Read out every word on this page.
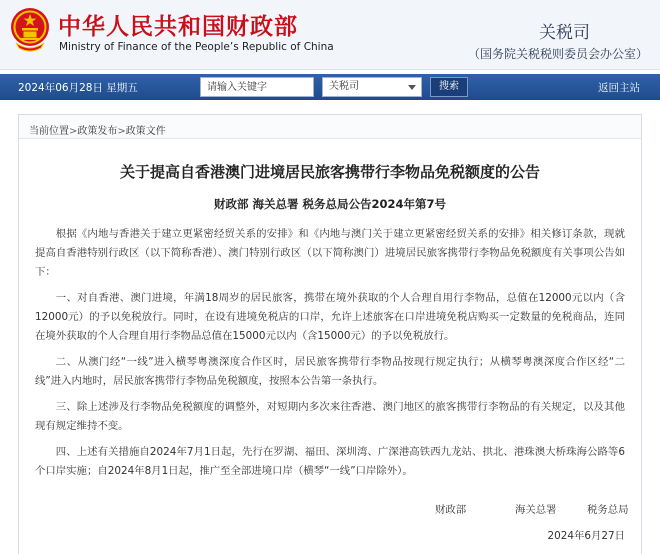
中华人民共和国财政部
Ministry of Finance of the People’s Republic of China
关税司
（国务院关税税则委员会办公室）
2024年06月28日 星期五
请输入关键字	关税司	搜索	返回主站
当前位置>政策发布>政策文件
关于提高自香港澳门进境居民旅客携带行李物品免税额度的公告
财政部 海关总署 税务总局公告2024年第7号

根据《内地与香港关于建立更紧密经贸关系的安排》和《内地与澳门关于建立更紧密经贸关系的安排》相关修订条款，现就提高自香港特别行政区（以下简称香港）、澳门特别行政区（以下简称澳门）进境居民旅客携带行李物品免税额度有关事项公告如下：

一、对自香港、澳门进境，年满18周岁的居民旅客，携带在境外获取的个人合理自用行李物品，总值在12000元以内（含12000元）的予以免税放行。同时，在设有进境免税店的口岸，允许上述旅客在口岸进境免税店购买一定数量的免税商品，连同在境外获取的个人合理自用行李物品总值在15000元以内（含15000元）的予以免税放行。

二、从澳门经“一线”进入横琴粤澳深度合作区时，居民旅客携带行李物品按现行规定执行；从横琴粤澳深度合作区经“二线”进入内地时，居民旅客携带行李物品免税额度，按照本公告第一条执行。

三、除上述涉及行李物品免税额度的调整外，对短期内多次来往香港、澳门地区的旅客携带行李物品的有关规定，以及其他现有规定维持不变。

四、上述有关措施自2024年7月1日起，先行在罗湖、福田、深圳湾、广深港高铁西九龙站、拱北、港珠澳大桥珠海公路等6个口岸实施；自2024年8月1日起，推广至全部进境口岸（横琴“一线”口岸除外）。

财政部	海关总署	税务总局
2024年6月27日
